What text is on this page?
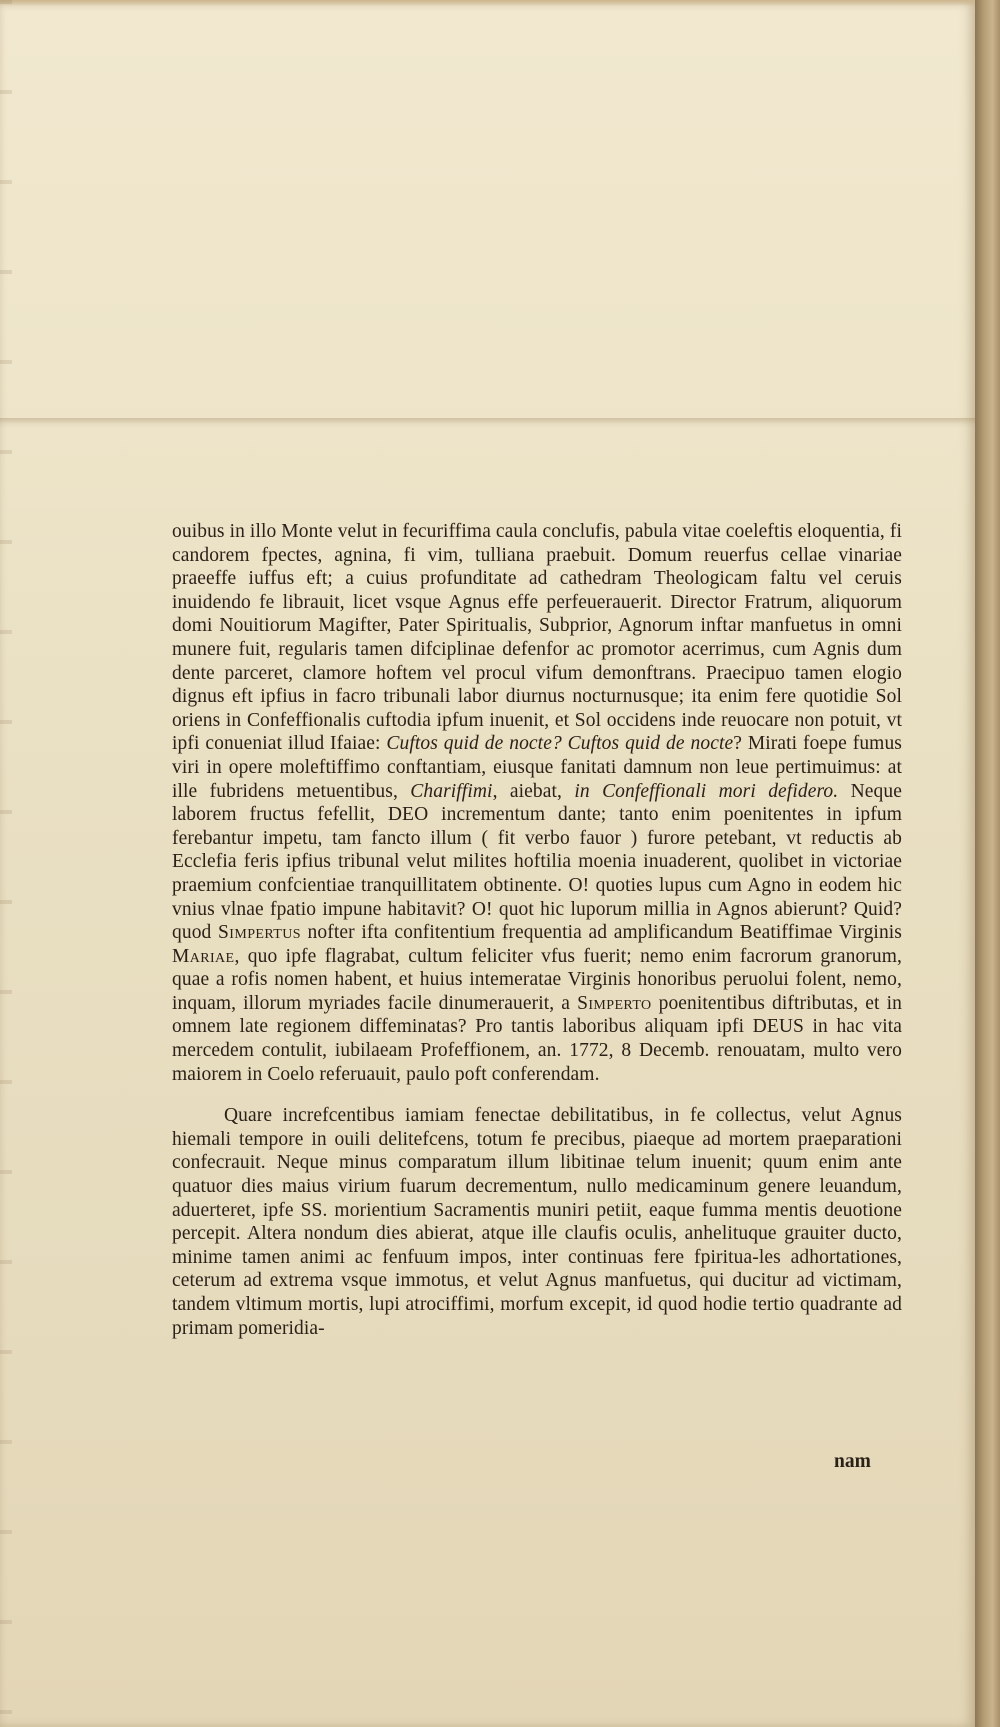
ouibus in illo Monte velut in fecuriffima caula conclufis, pabula vitae coeleftis eloquentia, fi candorem fpectes, agnina, fi vim, tulliana praebuit. Domum reuerfus cellae vinariae praeeffe iuffus eft; a cuius profunditate ad cathedram Theologicam faltu vel ceruis inuidendo fe librauit, licet vsque Agnus effe perfeuerauerit. Director Fratrum, aliquorum domi Nouitiorum Magifter, Pater Spiritualis, Subprior, Agnorum inftar manfuetus in omni munere fuit, regularis tamen difciplinae defenfor ac promotor acerrimus, cum Agnis dum dente parceret, clamore hoftem vel procul vifum demonftrans. Praecipuo tamen elogio dignus eft ipfius in facro tribunali labor diurnus nocturnusque; ita enim fere quotidie Sol oriens in Confeffionalis cuftodia ipfum inuenit, et Sol occidens inde reuocare non potuit, vt ipfi conueniat illud Ifaiae: Cuftos quid de nocte? Cuftos quid de nocte? Mirati foepe fumus viri in opere moleftiffimo conftantiam, eiusque fanitati damnum non leue pertimuimus: at ille fubridens metuentibus, Chariffimi, aiebat, in Confeffionali mori defidero. Neque laborem fructus fefellit, DEO incrementum dante; tanto enim poenitentes in ipfum ferebantur impetu, tam fancto illum ( fit verbo fauor ) furore petebant, vt reductis ab Ecclefia feris ipfius tribunal velut milites hoftilia moenia inuaderent, quolibet in victoriae praemium confcientiae tranquillitatem obtinente. O! quoties lupus cum Agno in eodem hic vnius vlnae fpatio impune habitavit? O! quot hic luporum millia in Agnos abierunt? Quid? quod Simpertus nofter ifta confitentium frequentia ad amplificandum Beatiffimae Virginis Mariae, quo ipfe flagrabat, cultum feliciter vfus fuerit; nemo enim facrorum granorum, quae a rofis nomen habent, et huius intemeratae Virginis honoribus peruolui folent, nemo, inquam, illorum myriades facile dinumerauerit, a Simperto poenitentibus diftributas, et in omnem late regionem diffeminatas? Pro tantis laboribus aliquam ipfi DEUS in hac vita mercedem contulit, iubilaeam Profeffionem, an. 1772, 8 Decemb. renouatam, multo vero maiorem in Coelo referuauit, paulo poft conferendam.

Quare increfcentibus iamiam fenectae debilitatibus, in fe collectus, velut Agnus hiemali tempore in ouili delitefcens, totum fe precibus, piaeque ad mortem praeparationi confecrauit. Neque minus comparatum illum libitinae telum inuenit; quum enim ante quatuor dies maius virium fuarum decrementum, nullo medicaminum genere leuandum, aduerteret, ipfe SS. morientium Sacramentis muniri petiit, eaque fumma mentis deuotione percepit. Altera nondum dies abierat, atque ille claufis oculis, anhelituque grauiter ducto, minime tamen animi ac fenfuum impos, inter continuas fere fpiritua-les adhortationes, ceterum ad extrema vsque immotus, et velut Agnus manfuetus, qui ducitur ad victimam, tandem vltimum mortis, lupi atrociffimi, morfum excepit, id quod hodie tertio quadrante ad primam pomeridia-

nam
